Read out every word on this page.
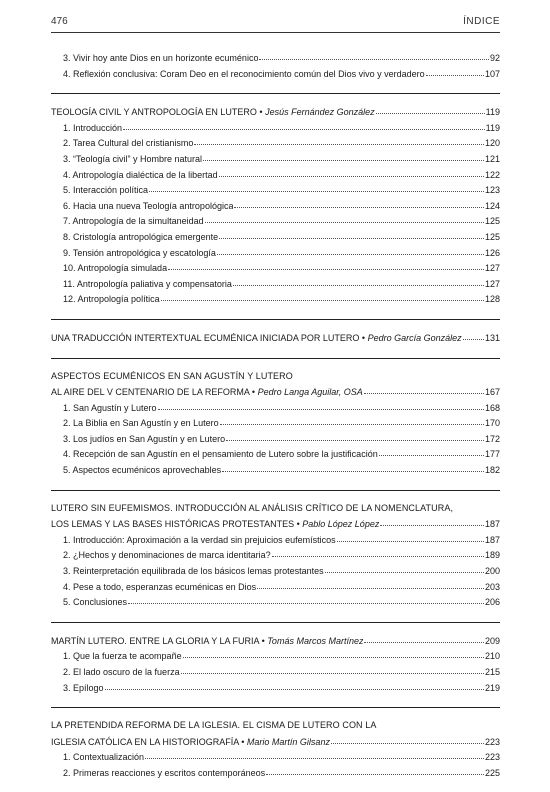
476	ÍNDICE
3. Vivir hoy ante Dios en un horizonte ecuménico	92
4. Reflexión conclusiva: Coram Deo en el reconocimiento común del Dios vivo y verdadero	107
TEOLOGÍA CIVIL Y ANTROPOLOGÍA EN LUTERO • Jesús Fernández González	119
1. Introducción	119
2. Tarea Cultural del cristianismo	120
3. “Teología civil” y Hombre natural	121
4. Antropología dialéctica de la libertad	122
5. Interacción política	123
6. Hacia una nueva Teología antropológica	124
7. Antropología de la simultaneidad	125
8. Cristología antropológica emergente	125
9. Tensión antropológica y escatología	126
10. Antropología simulada	127
11. Antropología paliativa y compensatoria	127
12. Antropología política	128
UNA TRADUCCIÓN INTERTEXTUAL ECUMÉNICA INICIADA POR LUTERO • Pedro García González	131
ASPECTOS ECUMÉNICOS EN SAN AGUSTÍN Y LUTERO
AL AIRE DEL V CENTENARIO DE LA REFORMA • Pedro Langa Aguilar, OSA	167
1. San Agustín y Lutero	168
2. La Biblia en San Agustín y en Lutero	170
3. Los judíos en San Agustín y en Lutero	172
4. Recepción de san Agustín en el pensamiento de Lutero sobre la justificación	177
5. Aspectos ecuménicos aprovechables	182
LUTERO SIN EUFEMISMOS. INTRODUCCIÓN AL ANÁLISIS CRÍTICO DE LA NOMENCLATURA,
LOS LEMAS Y LAS BASES HISTÓRICAS PROTESTANTES • Pablo López López	187
1. Introducción: Aproximación a la verdad sin prejuicios eufemísticos	187
2. ¿Hechos y denominaciones de marca identitaria?	189
3. Reinterpretación equilibrada de los básicos lemas protestantes	200
4. Pese a todo, esperanzas ecuménicas en Dios	203
5. Conclusiones	206
MARTÍN LUTERO. ENTRE LA GLORIA Y LA FURIA • Tomás Marcos Martínez	209
1. Que la fuerza te acompañe	210
2. El lado oscuro de la fuerza	215
3. Epílogo	219
LA PRETENDIDA REFORMA DE LA IGLESIA. EL CISMA DE LUTERO CON LA
IGLESIA CATÓLICA EN LA HISTORIOGRAFÍA • Mario Martín Gilsanz	223
1. Contextualización	223
2. Primeras reacciones y escritos contemporáneos	225
